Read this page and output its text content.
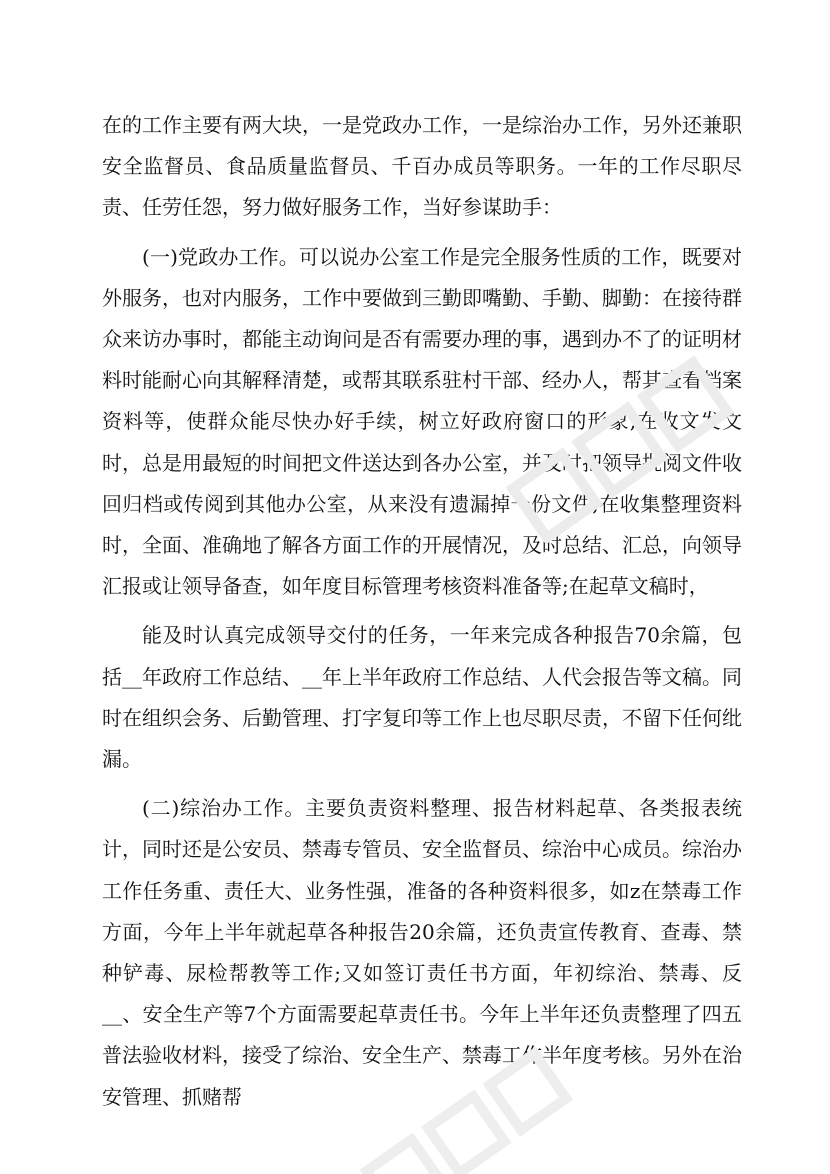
在的工作主要有两大块，一是党政办工作，一是综治办工作，另外还兼职安全监督员、食品质量监督员、千百办成员等职务。一年的工作尽职尽责、任劳任怨，努力做好服务工作，当好参谋助手：

(一)党政办工作。可以说办公室工作是完全服务性质的工作，既要对外服务，也对内服务，工作中要做到三勤即嘴勤、手勤、脚勤：在接待群众来访办事时，都能主动询问是否有需要办理的事，遇到办不了的证明材料时能耐心向其解释清楚，或帮其联系驻村干部、经办人，帮其查看档案资料等，使群众能尽快办好手续，树立好政府窗口的形象;在收文发文时，总是用最短的时间把文件送达到各办公室，并及时把领导批阅文件收回归档或传阅到其他办公室，从来没有遗漏掉一份文件;在收集整理资料时，全面、准确地了解各方面工作的开展情况，及时总结、汇总，向领导汇报或让领导备查，如年度目标管理考核资料准备等;在起草文稿时，

能及时认真完成领导交付的任务，一年来完成各种报告70余篇，包括__年政府工作总结、__年上半年政府工作总结、人代会报告等文稿。同时在组织会务、后勤管理、打字复印等工作上也尽职尽责，不留下任何纰漏。

(二)综治办工作。主要负责资料整理、报告材料起草、各类报表统计，同时还是公安员、禁毒专管员、安全监督员、综治中心成员。综治办工作任务重、责任大、业务性强，准备的各种资料很多，如z在禁毒工作方面，今年上半年就起草各种报告20余篇，还负责宣传教育、查毒、禁种铲毒、尿检帮教等工作;又如签订责任书方面，年初综治、禁毒、反__、安全生产等7个方面需要起草责任书。今年上半年还负责整理了四五普法验收材料，接受了综治、安全生产、禁毒工作半年度考核。另外在治安管理、抓赌帮
